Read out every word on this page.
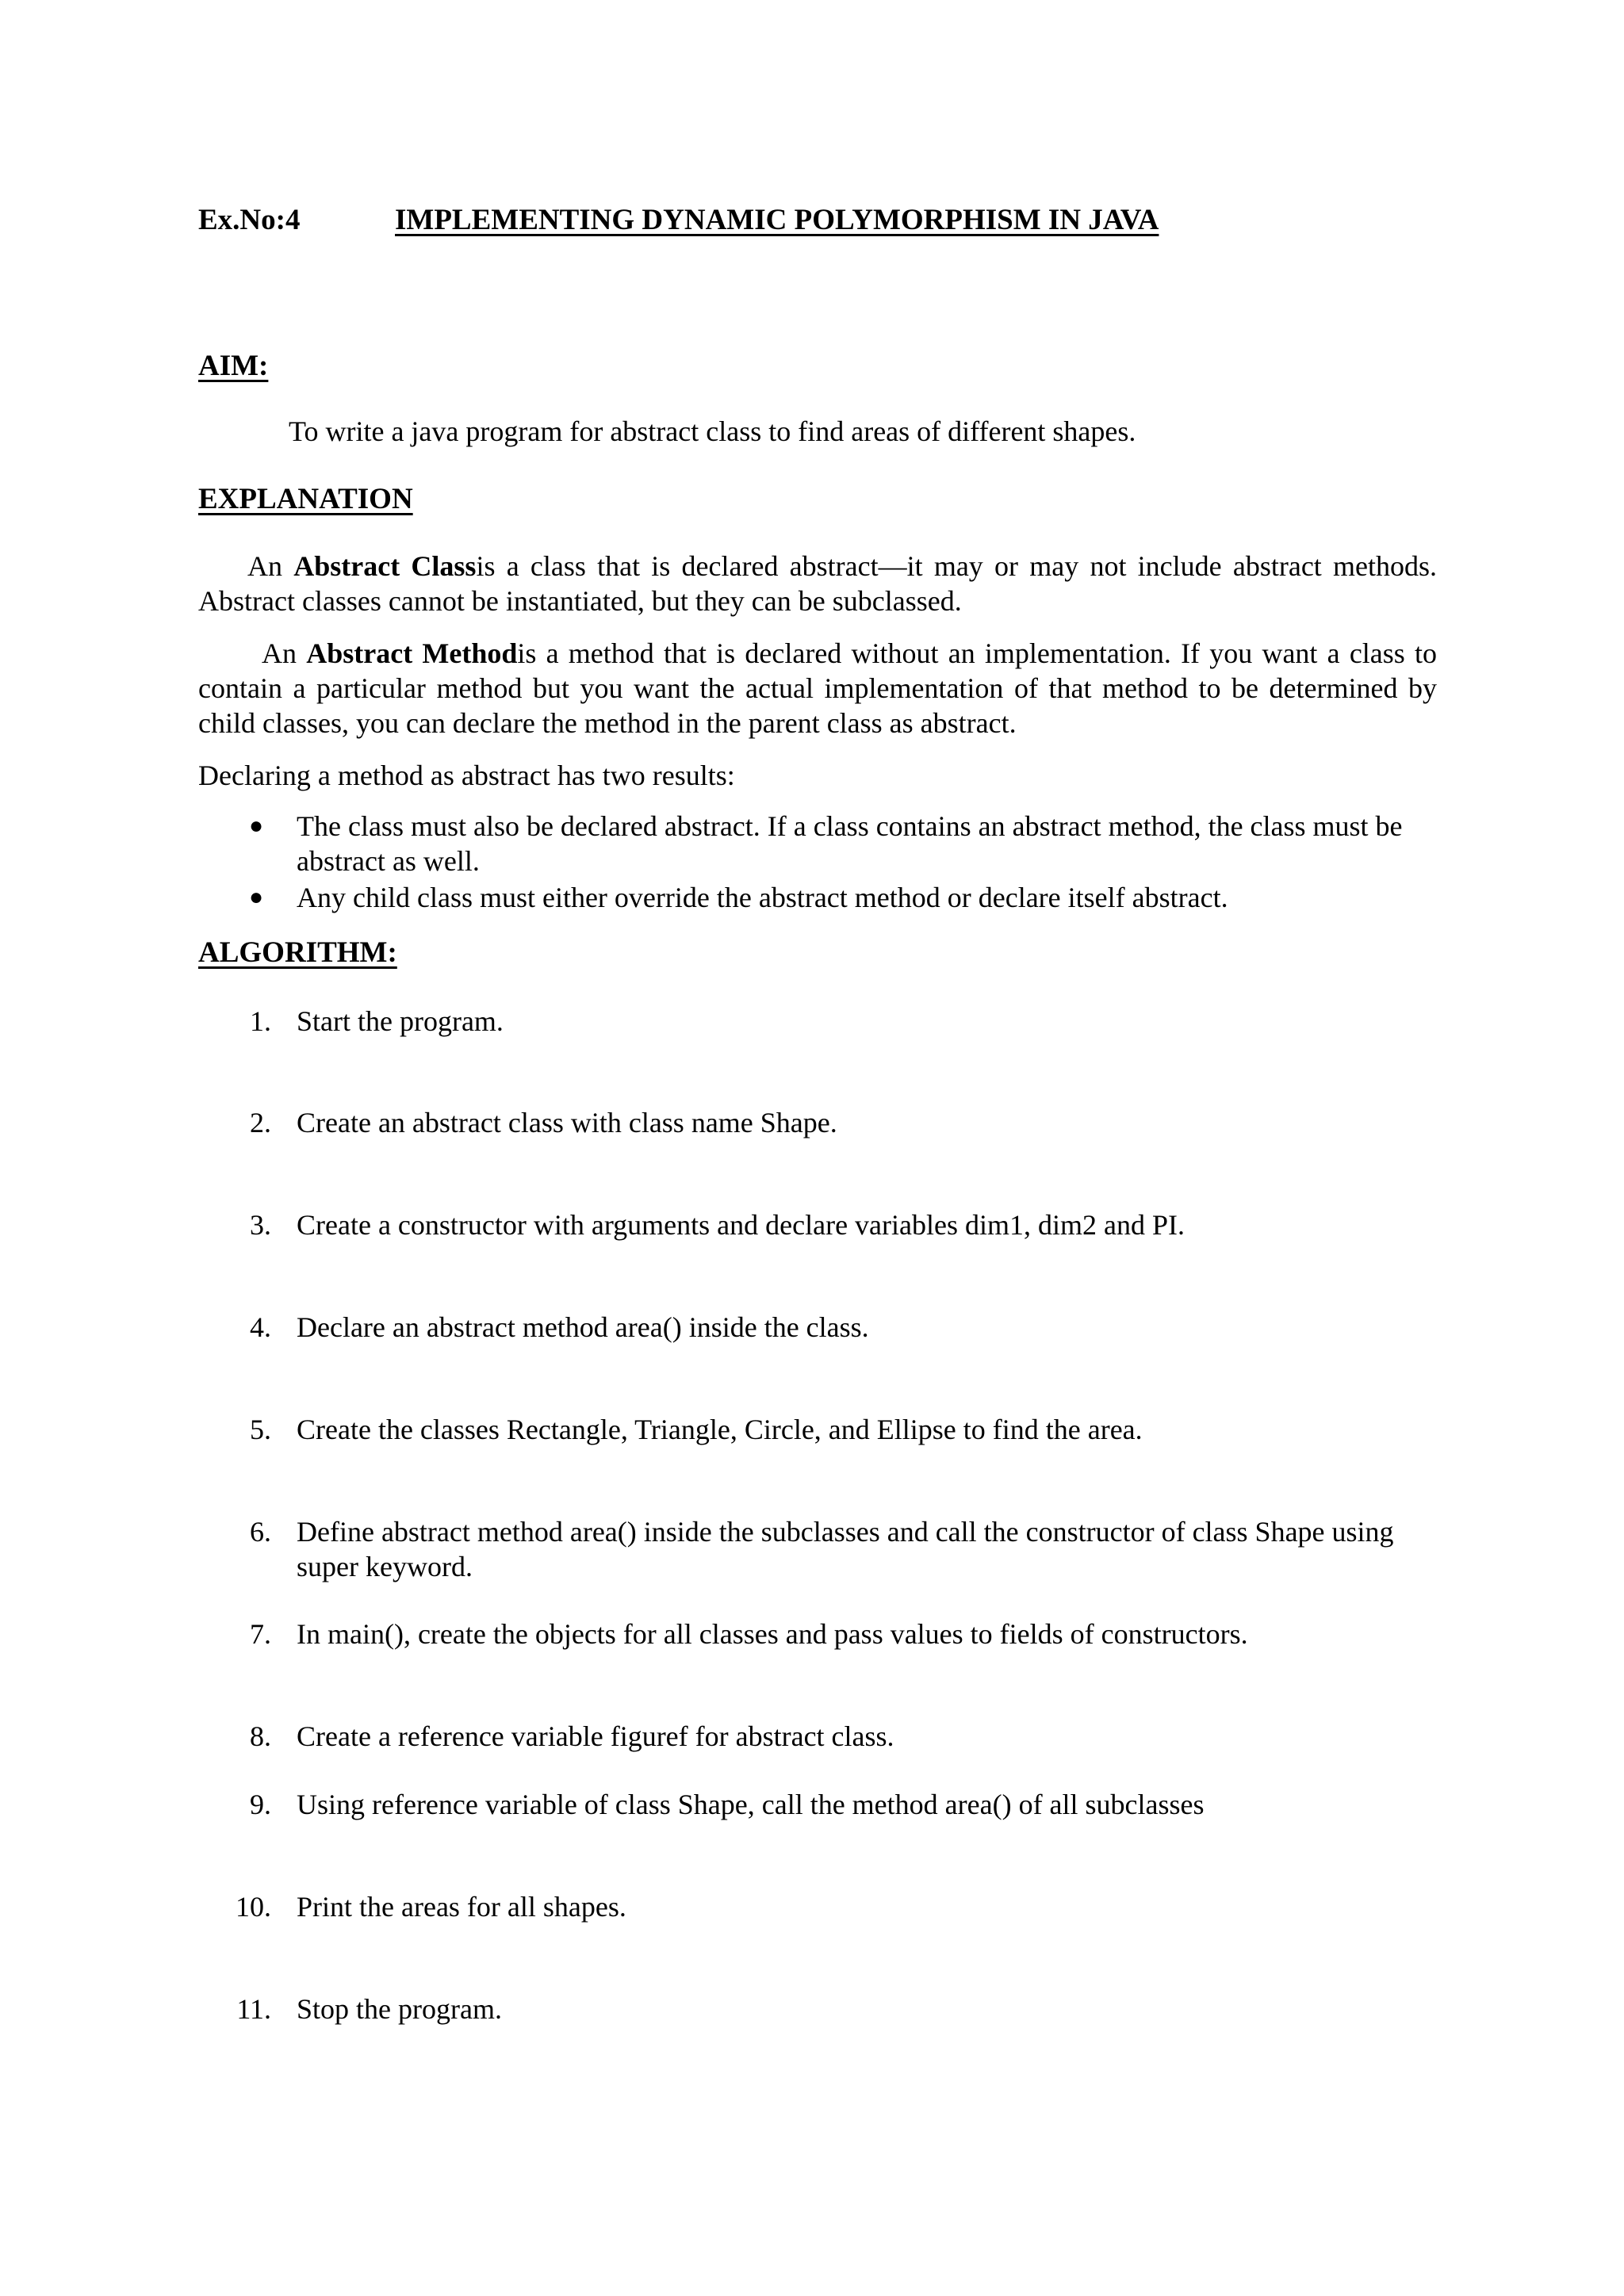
Ex.No:4	IMPLEMENTING DYNAMIC POLYMORPHISM IN JAVA
AIM:
To write a java program for abstract class to find areas of different shapes.
EXPLANATION
An Abstract Classis a class that is declared abstract—it may or may not include abstract methods. Abstract classes cannot be instantiated, but they can be subclassed.
An Abstract Methodis a method that is declared without an implementation. If you want a class to contain a particular method but you want the actual implementation of that method to be determined by child classes, you can declare the method in the parent class as abstract.
Declaring a method as abstract has two results:
● The class must also be declared abstract. If a class contains an abstract method, the class must be abstract as well.
● Any child class must either override the abstract method or declare itself abstract.
ALGORITHM:
1. Start the program.
2. Create an abstract class with class name Shape.
3. Create a constructor with arguments and declare variables dim1, dim2 and PI.
4. Declare an abstract method area() inside the class.
5. Create the classes Rectangle, Triangle, Circle, and Ellipse to find the area.
6. Define abstract method area() inside the subclasses and call the constructor of class Shape using super keyword.
7. In main(), create the objects for all classes and pass values to fields of constructors.
8. Create a reference variable figuref for abstract class.
9. Using reference variable of class Shape, call the method area() of all subclasses
10. Print the areas for all shapes.
11. Stop the program.
